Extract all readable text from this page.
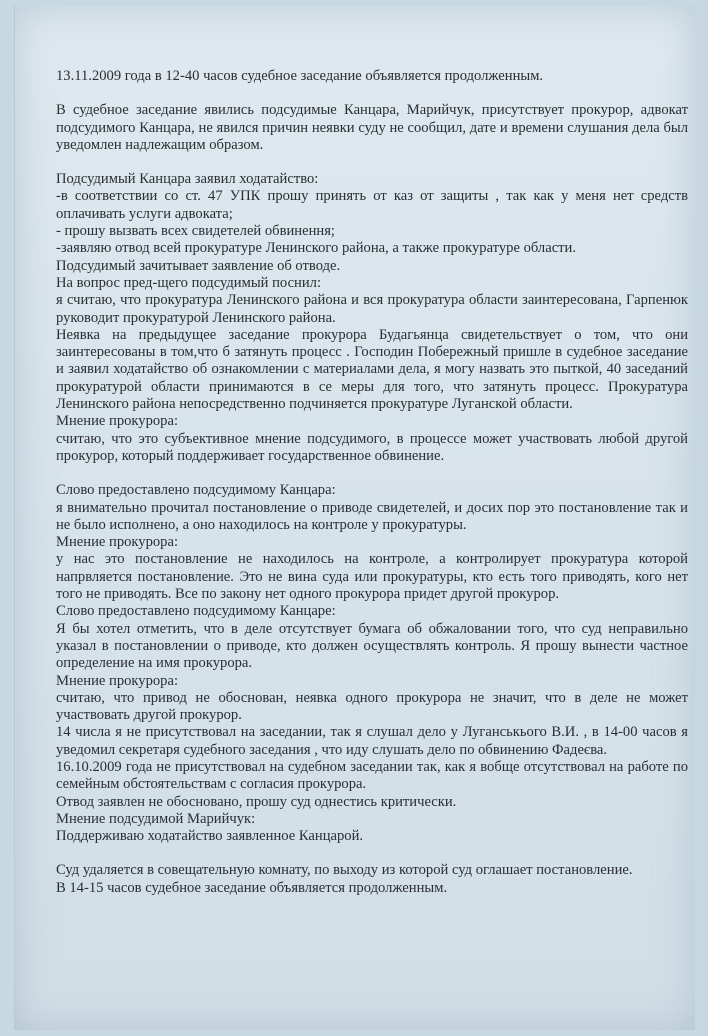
13.11.2009 года в 12-40 часов судебное заседание объявляется продолженным.

В судебное заседание явились подсудимые Канцара, Марийчук, присутствует прокурор, адвокат подсудимого Канцара, не явился причин неявки суду не сообщил, дате и времени слушания дела был уведомлен надлежащим образом.

Подсудимый Канцара заявил ходатайство:

-в соответствии со ст. 47 УПК прошу принять от каз от защиты , так как у меня нет средств оплачивать услуги адвоката;

- прошу вызвать всех свидетелей обвинення;

-заявляю отвод всей прокуратуре Ленинского района, а также прокуратуре области.

Подсудимый зачитывает заявление об отводе.

На вопрос пред-щего подсудимый поснил:

я считаю, что прокуратура Ленинского района и вся прокуратура области заинтересована, Гарпенюк руководит прокуратурой Ленинского района.

Неявка на предыдущее заседание прокурора Будагьянца свидетельствует о том, что они заинтересованы в том,что б затянуть процесс . Господин Побережный пришле в судебное заседание и заявил ходатайство об ознакомлении с материалами дела, я могу назвать это пыткой, 40 заседаний прокуратурой области принимаются в се меры для того, что затянуть процесс. Прокуратура Ленинского района непосредственно подчиняется прокуратуре Луганской области.

Мнение прокурора:

считаю, что это субъективное мнение подсудимого, в процессе может участвовать любой другой прокурор, который поддерживает государственное обвинение.

Слово предоставлено подсудимому Канцара:

я внимательно прочитал постановление о приводе свидетелей, и досих пор это постановление так и не было исполнено, а оно находилось на контроле у прокуратуры.

Мнение прокурора:

у нас это постановление не находилось на контроле, а контролирует прокуратура которой напрвляется постановление. Это не вина суда или прокуратуры, кто есть того приводять, кого нет того не приводять. Все по закону нет одного прокурора придет другой прокурор.

Слово предоставлено подсудимому Канцаре:

Я бы хотел отметить, что в деле отсутствует бумага об обжаловании того, что суд неправильно указал в постановлении о приводе, кто должен осуществлять контроль. Я прошу вынести частное определение на имя прокурора.

Мнение прокурора:

считаю, что привод не обоснован, неявка одного прокурора не значит, что в деле не может участвовать другой прокурор.

14 числа я не присутствовал на заседании, так я слушал дело у Луганськього В.И. , в 14-00 часов я уведомил секретаря судебного заседания , что иду слушать дело по обвинению Фадеєва.

16.10.2009 года не присутствовал на судебном заседании так, как я вобще отсутствовал на работе по семейным обстоятельствам с согласия прокурора.

Отвод заявлен не обосновано, прошу суд однестись критически.

Мнение подсудимой Марийчук:

Поддерживаю ходатайство заявленное Канцарой.

Суд удаляется в совещательную комнату, по выходу из которой суд оглашает постановление.

В 14-15 часов судебное заседание объявляется продолженным.
